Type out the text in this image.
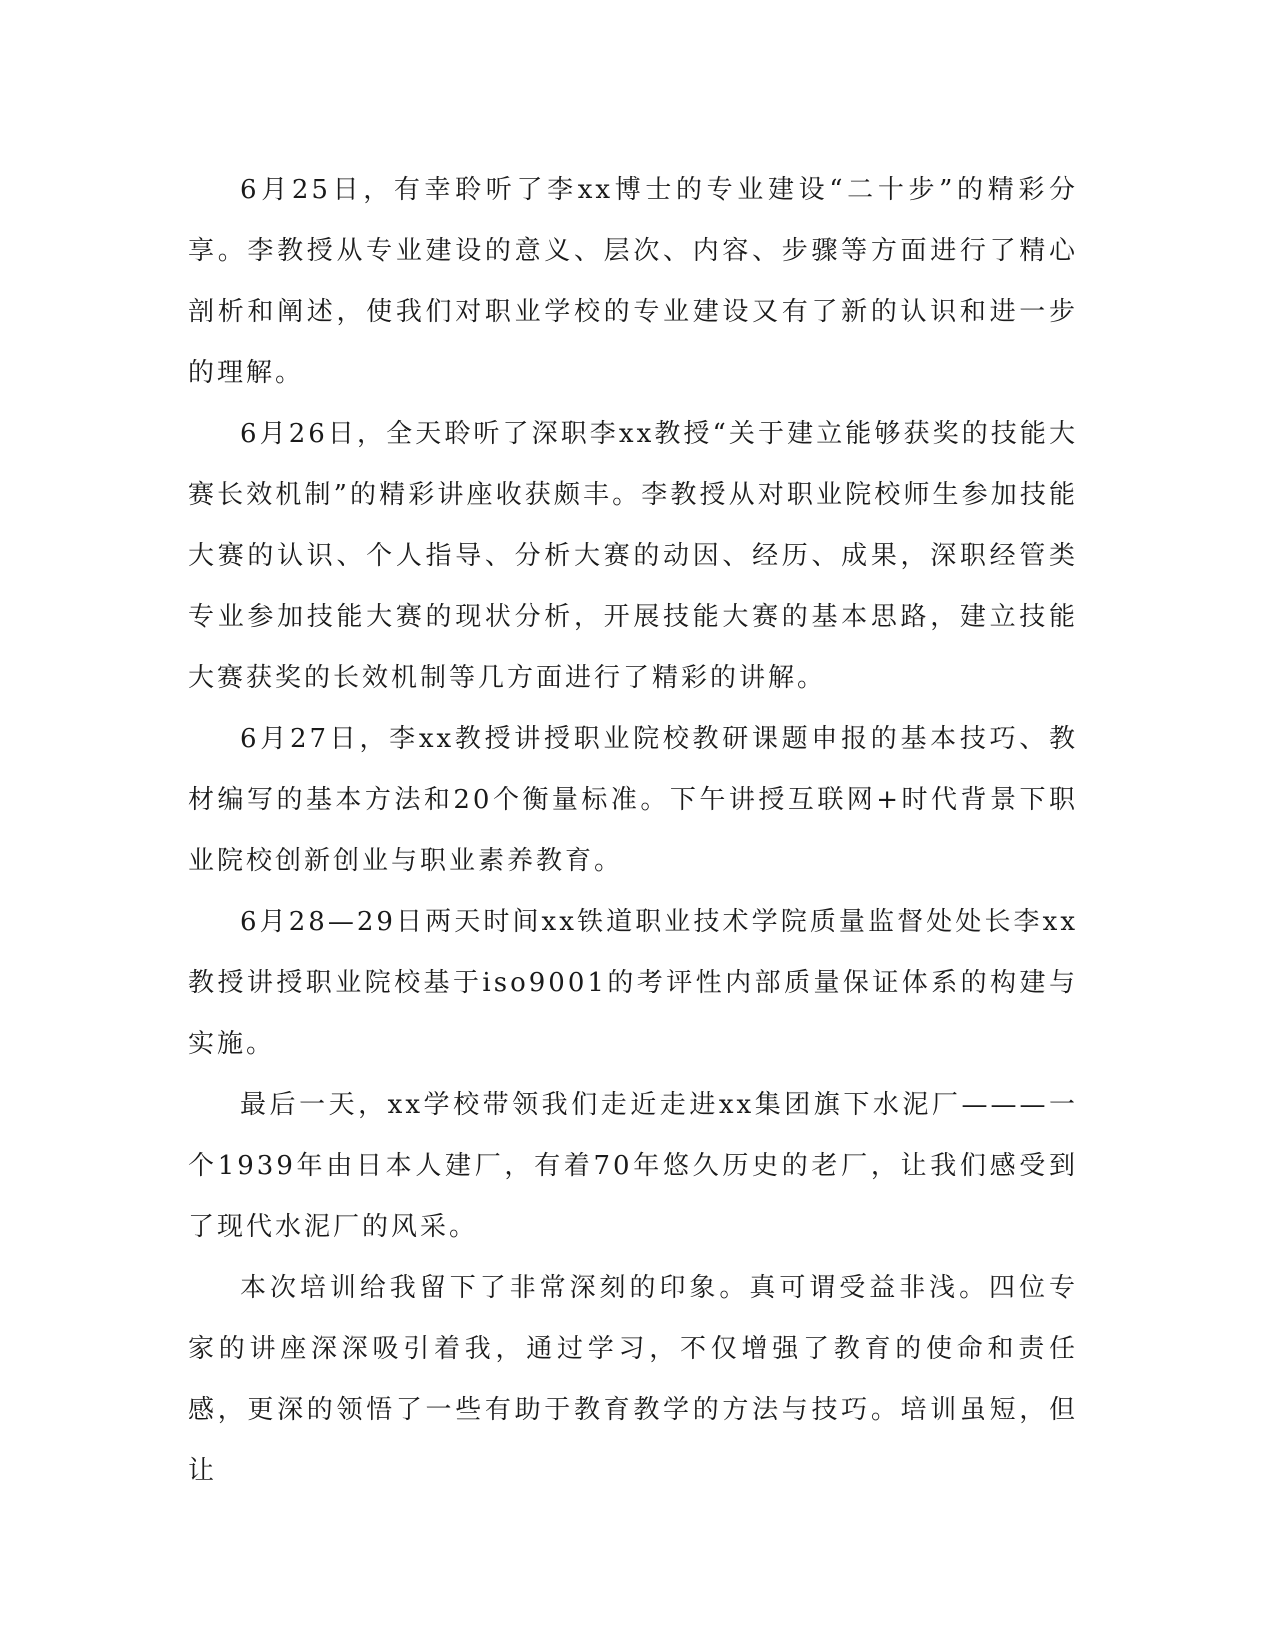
6月25日，有幸聆听了李xx博士的专业建设“二十步”的精彩分享。李教授从专业建设的意义、层次、内容、步骤等方面进行了精心剖析和阐述，使我们对职业学校的专业建设又有了新的认识和进一步的理解。

6月26日，全天聆听了深职李xx教授“关于建立能够获奖的技能大赛长效机制”的精彩讲座收获颇丰。李教授从对职业院校师生参加技能大赛的认识、个人指导、分析大赛的动因、经历、成果，深职经管类专业参加技能大赛的现状分析，开展技能大赛的基本思路，建立技能大赛获奖的长效机制等几方面进行了精彩的讲解。

6月27日，李xx教授讲授职业院校教研课题申报的基本技巧、教材编写的基本方法和20个衡量标准。下午讲授互联网+时代背景下职业院校创新创业与职业素养教育。

6月28—29日两天时间xx铁道职业技术学院质量监督处处长李xx教授讲授职业院校基于iso9001的考评性内部质量保证体系的构建与实施。

最后一天，xx学校带领我们走近走进xx集团旗下水泥厂———一个1939年由日本人建厂，有着70年悠久历史的老厂，让我们感受到了现代水泥厂的风采。

本次培训给我留下了非常深刻的印象。真可谓受益非浅。四位专家的讲座深深吸引着我，通过学习，不仅增强了教育的使命和责任感，更深的领悟了一些有助于教育教学的方法与技巧。培训虽短，但让
